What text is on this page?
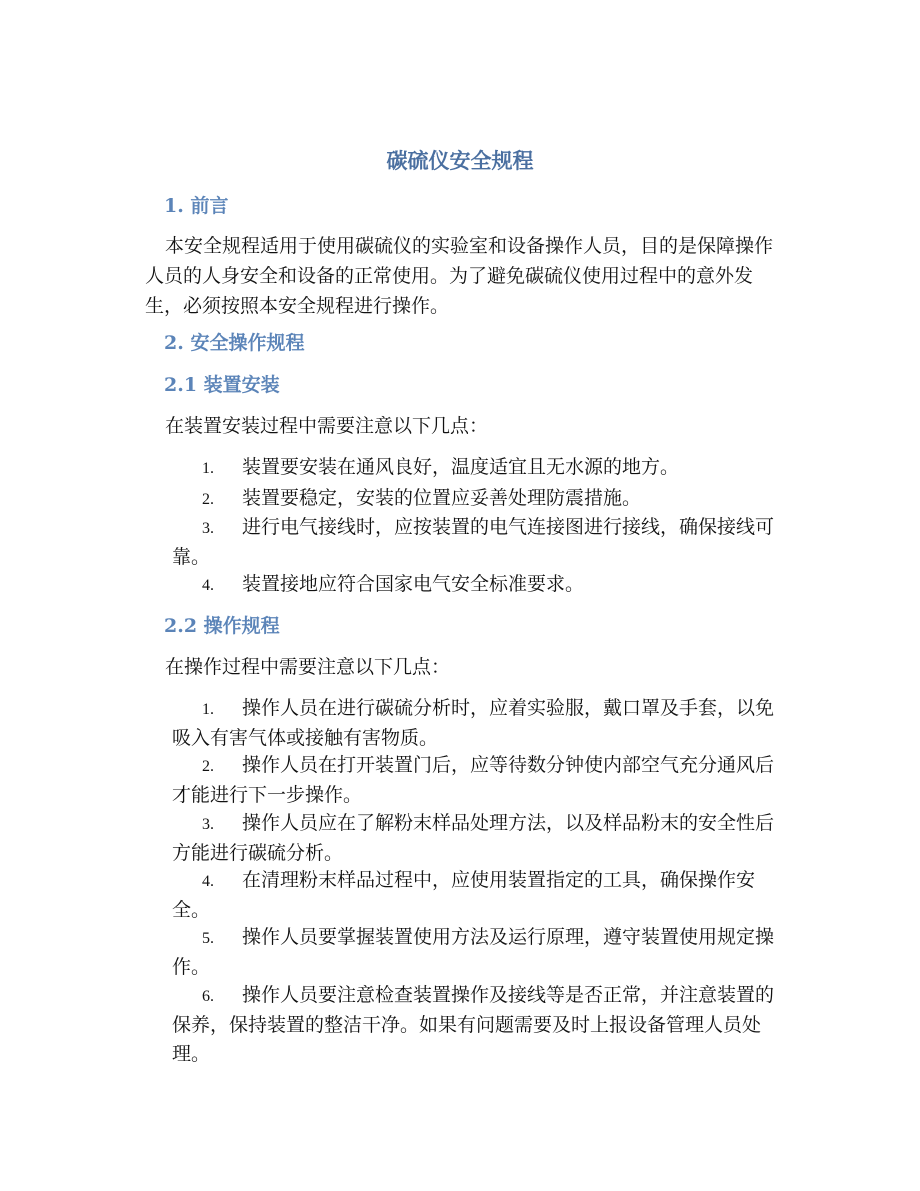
碳硫仪安全规程
1. 前言
本安全规程适用于使用碳硫仪的实验室和设备操作人员，目的是保障操作人员的人身安全和设备的正常使用。为了避免碳硫仪使用过程中的意外发生，必须按照本安全规程进行操作。
2. 安全操作规程
2.1 装置安装
在装置安装过程中需要注意以下几点：
1. 装置要安装在通风良好，温度适宜且无水源的地方。
2. 装置要稳定，安装的位置应妥善处理防震措施。
3. 进行电气接线时，应按装置的电气连接图进行接线，确保接线可靠。
4. 装置接地应符合国家电气安全标准要求。
2.2 操作规程
在操作过程中需要注意以下几点：
1. 操作人员在进行碳硫分析时，应着实验服，戴口罩及手套，以免吸入有害气体或接触有害物质。
2. 操作人员在打开装置门后，应等待数分钟使内部空气充分通风后才能进行下一步操作。
3. 操作人员应在了解粉末样品处理方法，以及样品粉末的安全性后方能进行碳硫分析。
4. 在清理粉末样品过程中，应使用装置指定的工具，确保操作安全。
5. 操作人员要掌握装置使用方法及运行原理，遵守装置使用规定操作。
6. 操作人员要注意检查装置操作及接线等是否正常，并注意装置的保养，保持装置的整洁干净。如果有问题需要及时上报设备管理人员处理。
